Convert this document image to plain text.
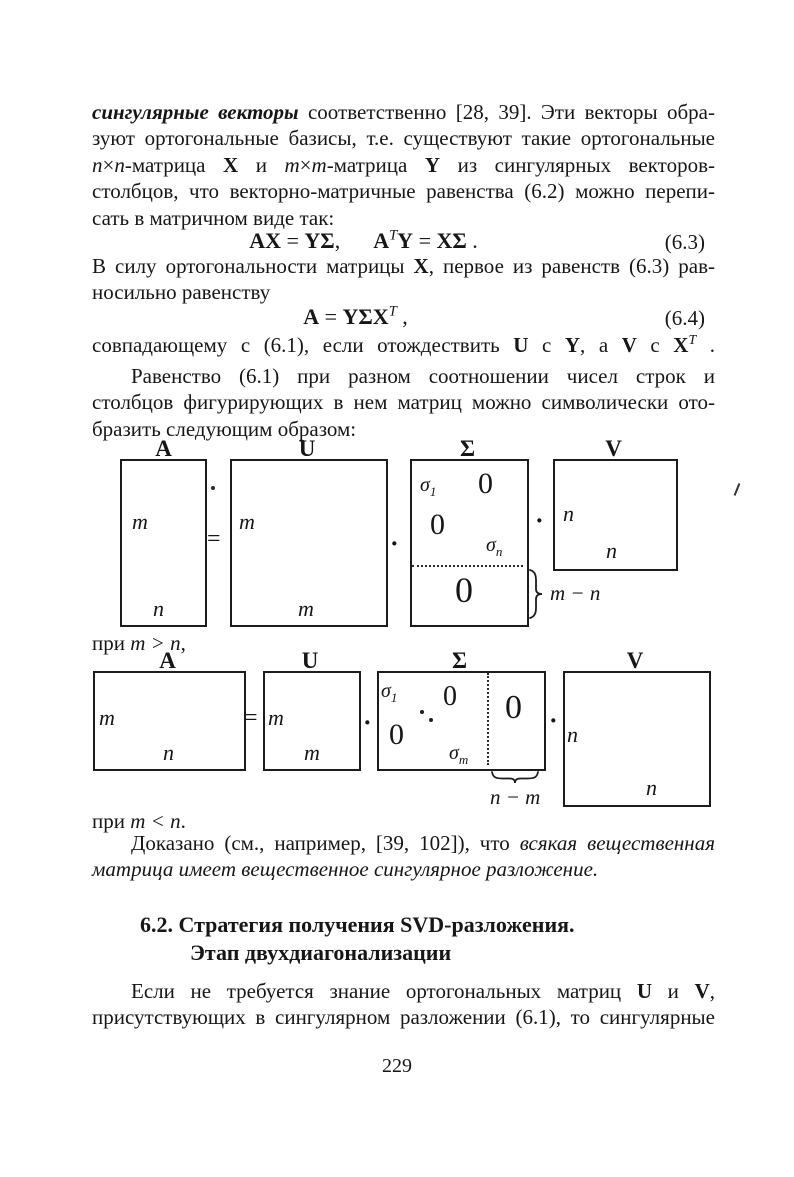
сингулярные векторы соответственно [28, 39]. Эти векторы обра-
зуют ортогональные базисы, т.е. существуют такие ортогональные
n×n-матрица X и m×m-матрица Y из сингулярных векторов-
столбцов, что векторно-матричные равенства (6.2) можно перепи-
сать в матричном виде так:
AX = YΣ,  $A^TY = X\Sigma$ .	(6.3)
В силу ортогональности матрицы X, первое из равенств (6.3) рав-
носильно равенству
$A = Y\Sigma X^T$ ,	(6.4)
совпадающему с (6.1), если отождествить U с Y, а V с $X^T$ .
Равенство (6.1) при разном соотношении чисел строк и
столбцов фигурирующих в нем матриц можно символически ото-
бразить следующим образом:
A
m
n
=
U
m
m
·
Σ
$\sigma_1$ 0
0
$\sigma_n$
0	m − n
·
V
n
n
при m > n,
A
m
n
=
U
m
m
·
Σ
$\sigma_1$ 0
0
$\sigma_m$
0
n − m
·
V
n
n
при m < n.
Доказано (см., например, [39, 102]), что всякая вещественная
матрица имеет вещественное сингулярное разложение.
6.2. Стратегия получения SVD-разложения.
Этап двухдиагонализации
Если не требуется знание ортогональных матриц U и V,
присутствующих в сингулярном разложении (6.1), то сингулярные
229
